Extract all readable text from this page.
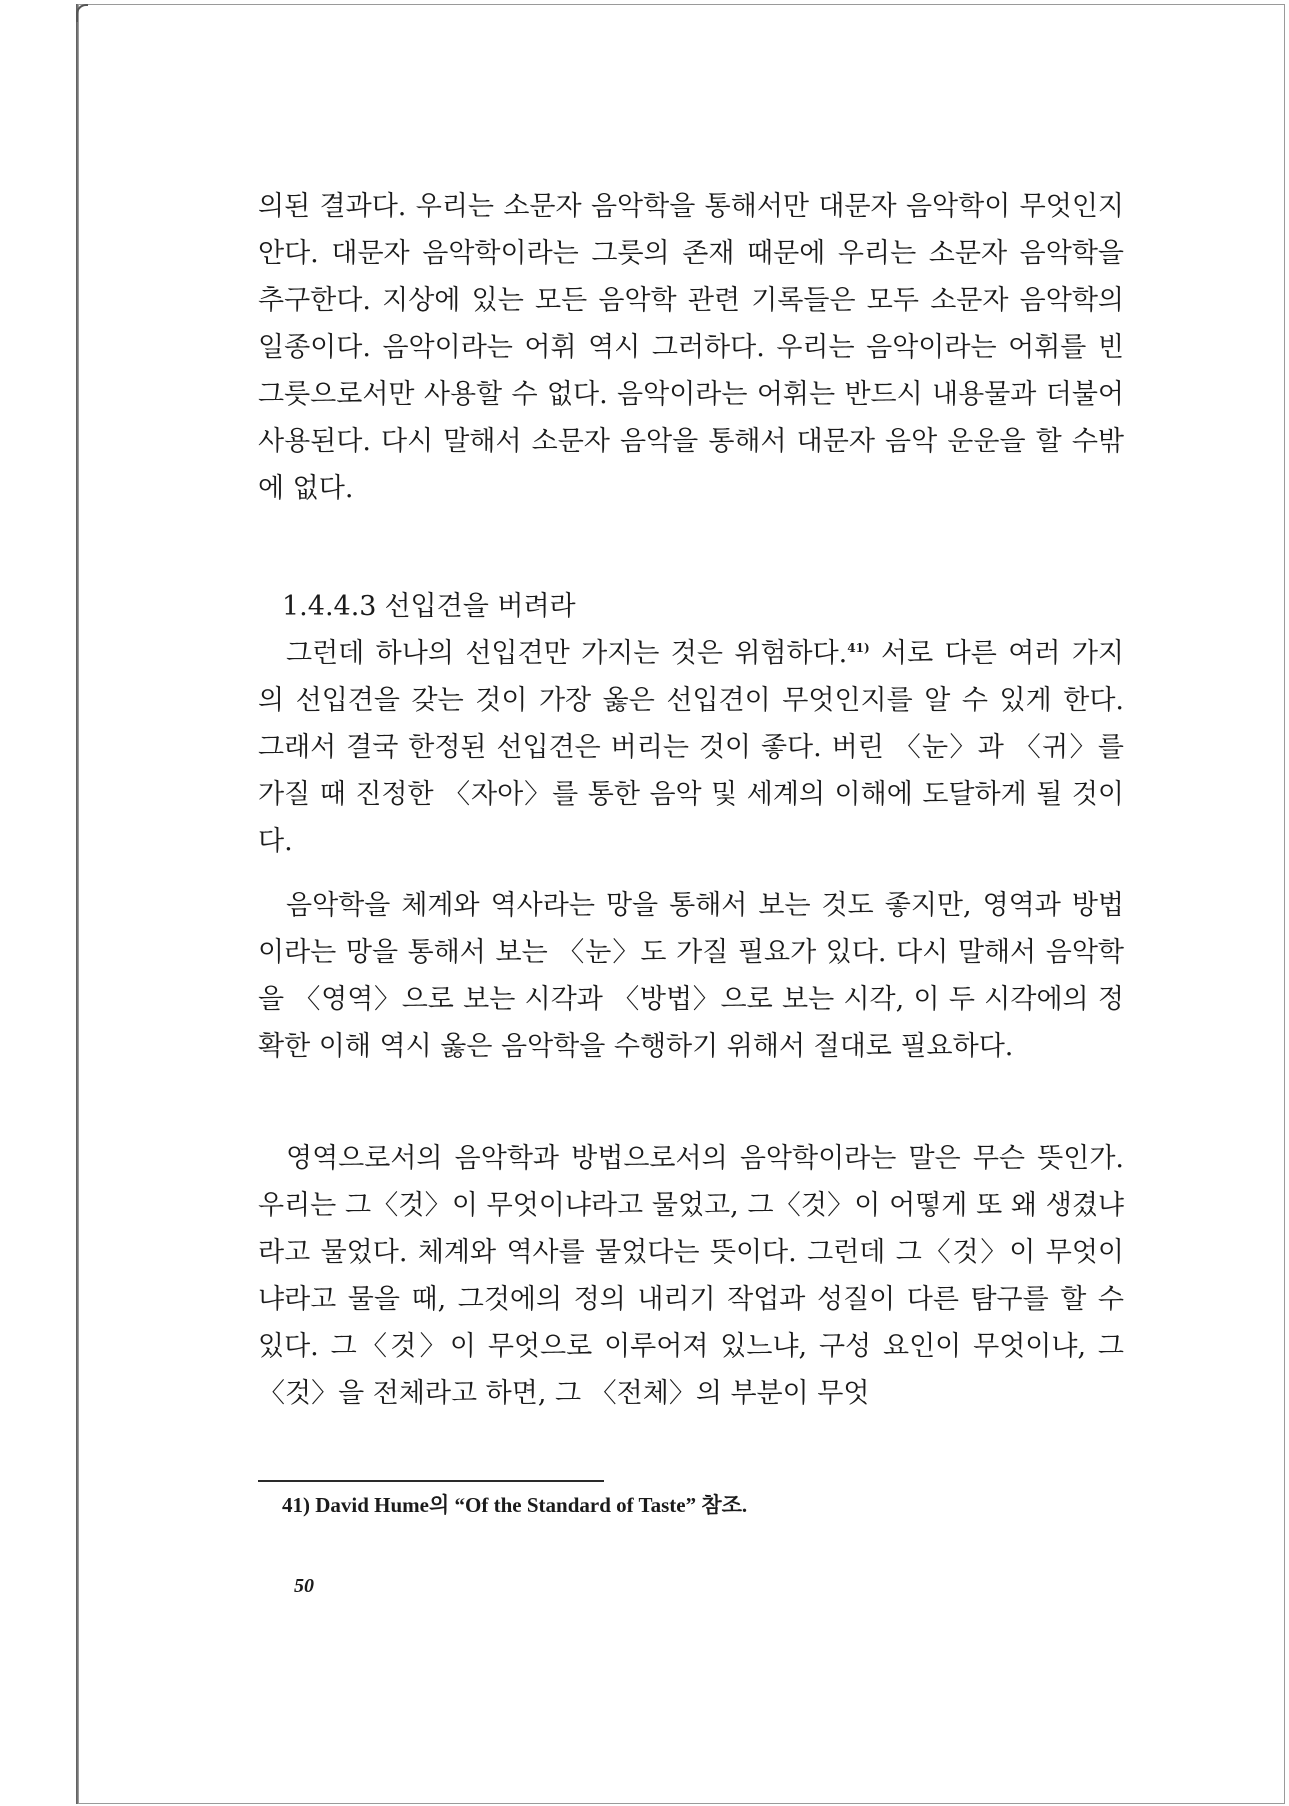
의된 결과다. 우리는 소문자 음악학을 통해서만 대문자 음악학이 무엇인지 안다. 대문자 음악학이라는 그릇의 존재 때문에 우리는 소문자 음악학을 추구한다. 지상에 있는 모든 음악학 관련 기록들은 모두 소문자 음악학의 일종이다. 음악이라는 어휘 역시 그러하다. 우리는 음악이라는 어휘를 빈 그릇으로서만 사용할 수 없다. 음악이라는 어휘는 반드시 내용물과 더불어 사용된다. 다시 말해서 소문자 음악을 통해서 대문자 음악 운운을 할 수밖에 없다.

1.4.4.3 선입견을 버려라

그런데 하나의 선입견만 가지는 것은 위험하다.$^{41)}$ 서로 다른 여러 가지의 선입견을 갖는 것이 가장 옳은 선입견이 무엇인지를 알 수 있게 한다. 그래서 결국 한정된 선입견은 버리는 것이 좋다. 버린 〈눈〉과 〈귀〉를 가질 때 진정한 〈자아〉를 통한 음악 및 세계의 이해에 도달하게 될 것이다.

음악학을 체계와 역사라는 망을 통해서 보는 것도 좋지만, 영역과 방법이라는 망을 통해서 보는 〈눈〉도 가질 필요가 있다. 다시 말해서 음악학을 〈영역〉으로 보는 시각과 〈방법〉으로 보는 시각, 이 두 시각에의 정확한 이해 역시 옳은 음악학을 수행하기 위해서 절대로 필요하다.

영역으로서의 음악학과 방법으로서의 음악학이라는 말은 무슨 뜻인가. 우리는 그〈것〉이 무엇이냐라고 물었고, 그〈것〉이 어떻게 또 왜 생겼냐라고 물었다. 체계와 역사를 물었다는 뜻이다. 그런데 그〈것〉이 무엇이냐라고 물을 때, 그것에의 정의 내리기 작업과 성질이 다른 탐구를 할 수 있다. 그〈것〉이 무엇으로 이루어져 있느냐, 구성 요인이 무엇이냐, 그〈것〉을 전체라고 하면, 그 〈전체〉의 부분이 무엇

41) David Hume의 “Of the Standard of Taste” 참조.
50
